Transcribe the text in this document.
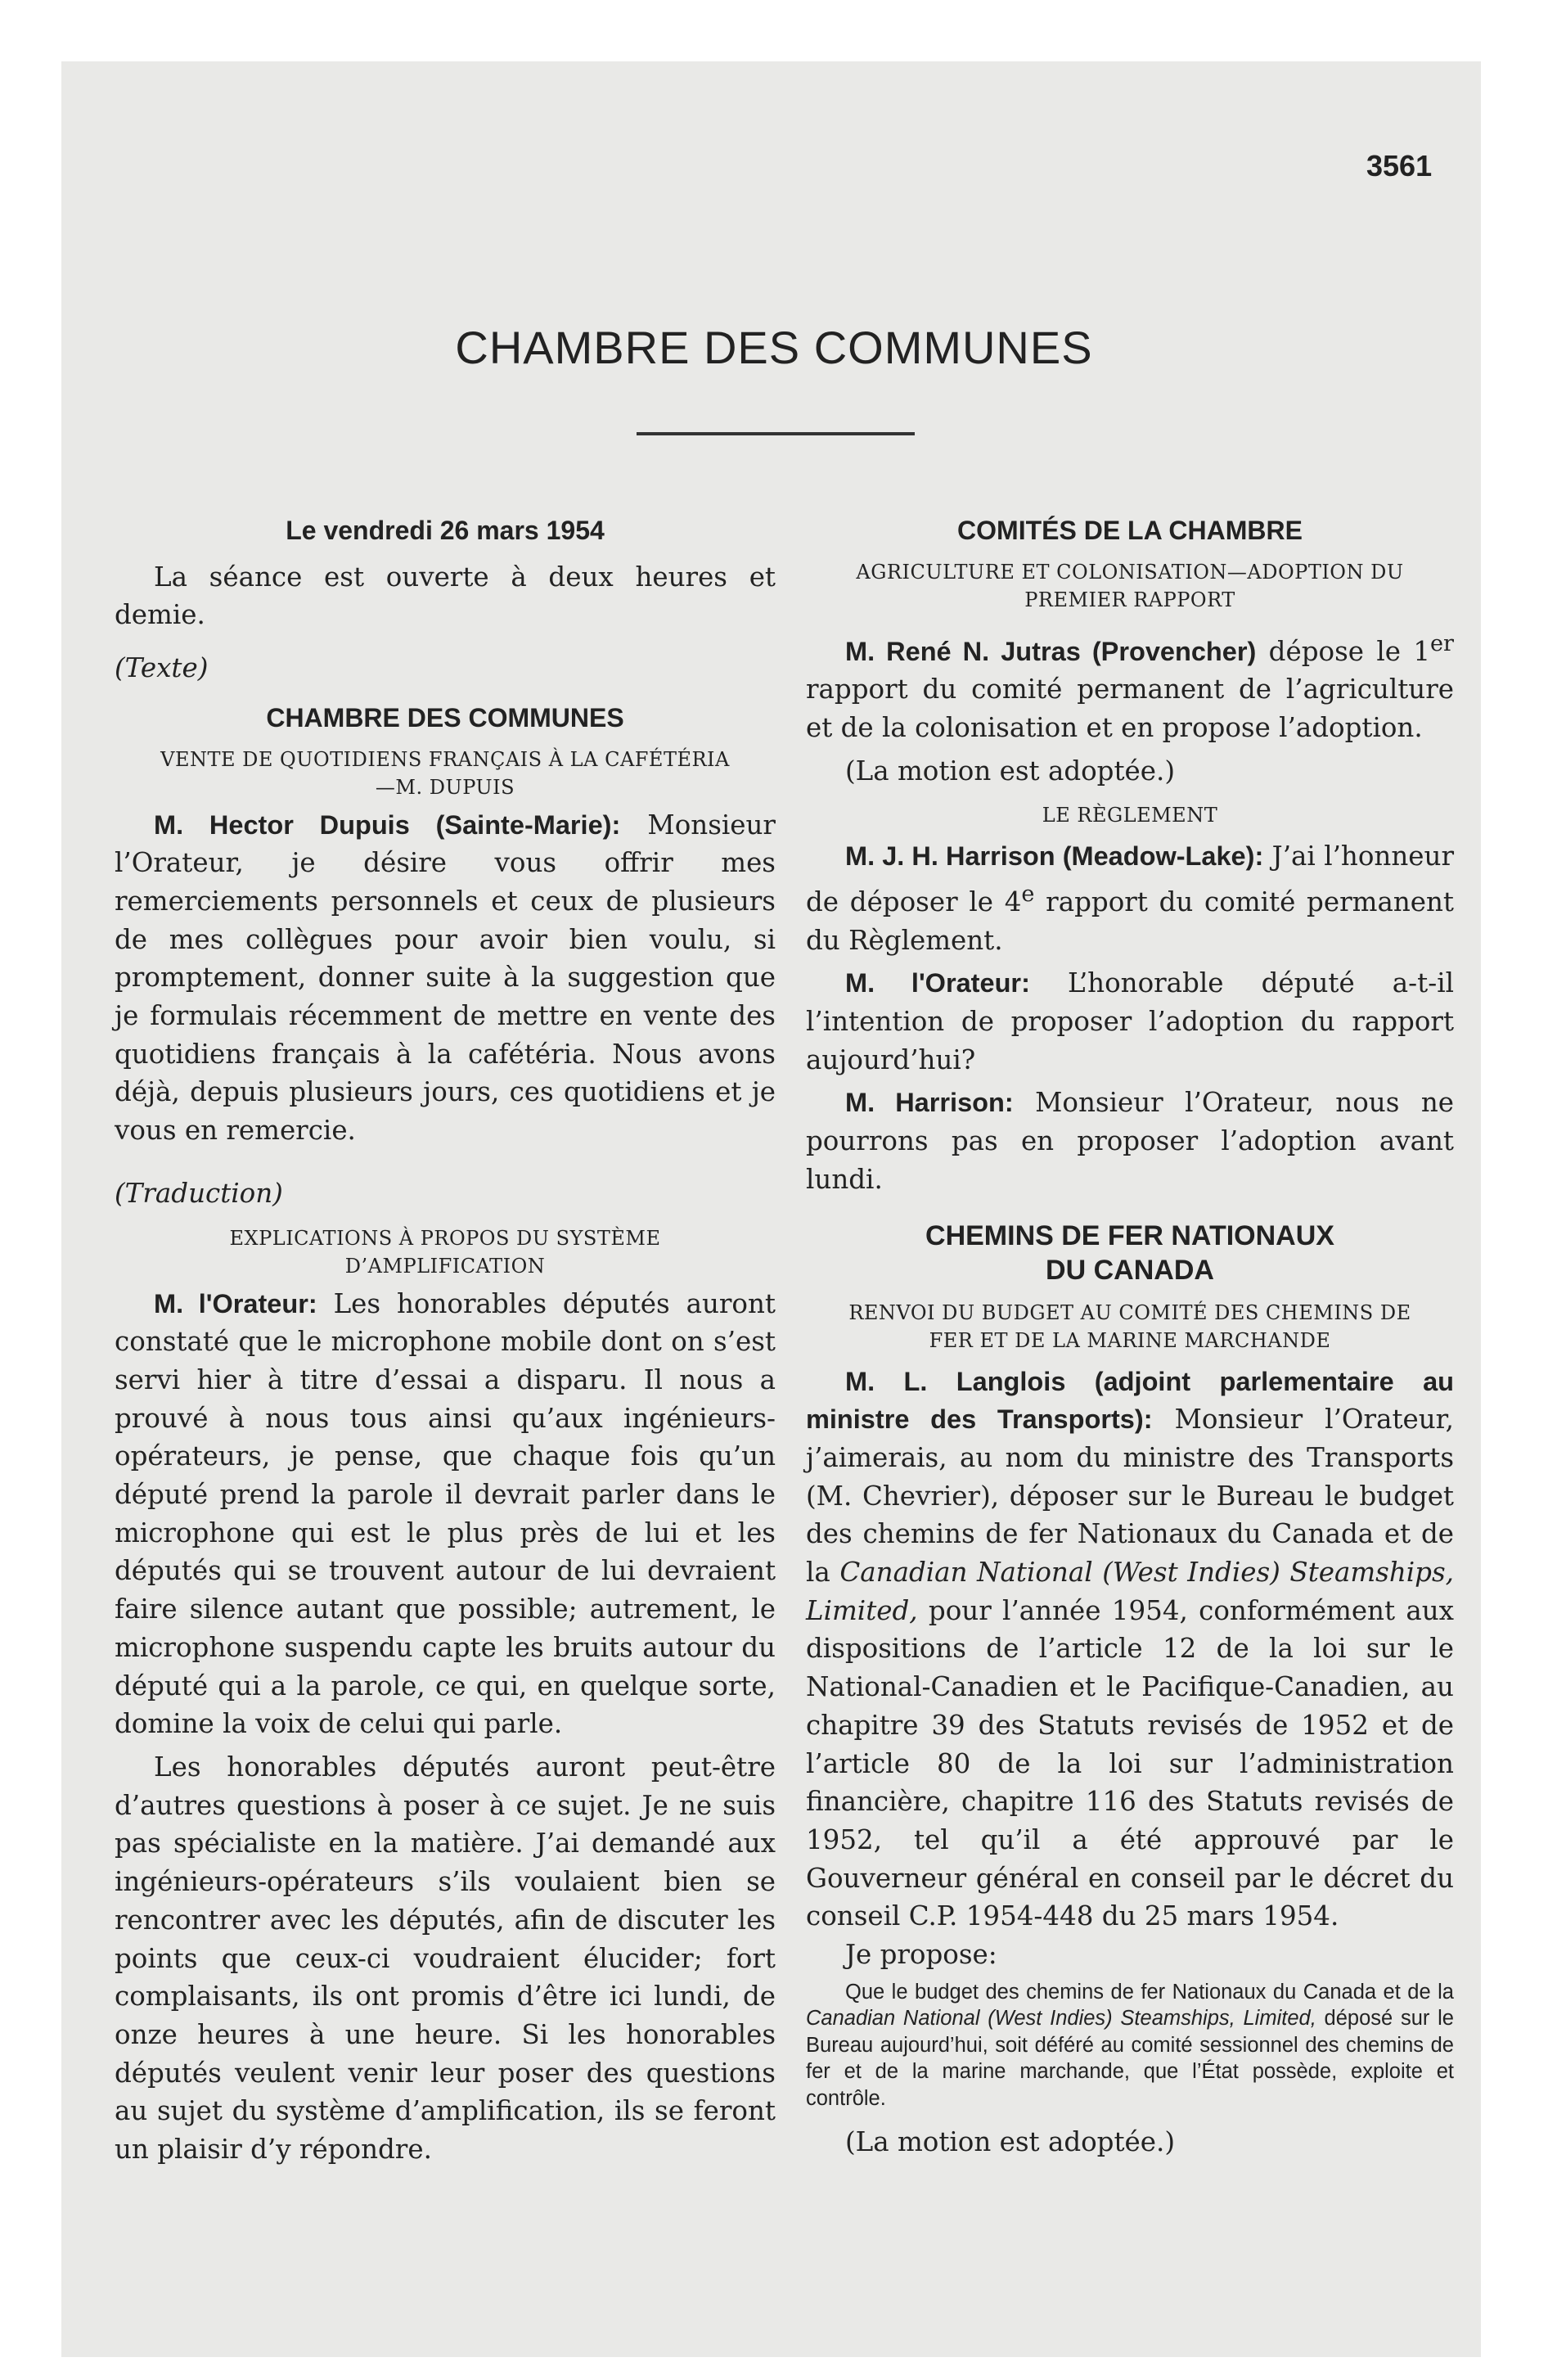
3561
CHAMBRE DES COMMUNES

Le vendredi 26 mars 1954

La séance est ouverte à deux heures et demie.

(Texte)

CHAMBRE DES COMMUNES

VENTE DE QUOTIDIENS FRANÇAIS À LA CAFÉTÉRIA

—M. DUPUIS

M. Hector Dupuis (Sainte-Marie): Monsieur l’Orateur, je désire vous offrir mes remerciements personnels et ceux de plusieurs de mes collègues pour avoir bien voulu, si promptement, donner suite à la suggestion que je formulais récemment de mettre en vente des quotidiens français à la cafétéria. Nous avons déjà, depuis plusieurs jours, ces quotidiens et je vous en remercie.

(Traduction)

EXPLICATIONS À PROPOS DU SYSTÈME

D’AMPLIFICATION

M. l'Orateur: Les honorables députés auront constaté que le microphone mobile dont on s’est servi hier à titre d’essai a disparu. Il nous a prouvé à nous tous ainsi qu’aux ingénieurs-opérateurs, je pense, que chaque fois qu’un député prend la parole il devrait parler dans le microphone qui est le plus près de lui et les députés qui se trouvent autour de lui devraient faire silence autant que possible; autrement, le microphone suspendu capte les bruits autour du député qui a la parole, ce qui, en quelque sorte, domine la voix de celui qui parle.

Les honorables députés auront peut-être d’autres questions à poser à ce sujet. Je ne suis pas spécialiste en la matière. J’ai demandé aux ingénieurs-opérateurs s’ils voulaient bien se rencontrer avec les députés, afin de discuter les points que ceux-ci voudraient élucider; fort complaisants, ils ont promis d’être ici lundi, de onze heures à une heure. Si les honorables députés veulent venir leur poser des questions au sujet du système d’amplification, ils se feront un plaisir d’y répondre.

COMITÉS DE LA CHAMBRE

AGRICULTURE ET COLONISATION—ADOPTION DU

PREMIER RAPPORT

M. René N. Jutras (Provencher) dépose le 1er rapport du comité permanent de l’agriculture et de la colonisation et en propose l’adoption.

(La motion est adoptée.)

LE RÈGLEMENT

M. J. H. Harrison (Meadow-Lake): J’ai l’honneur de déposer le 4e rapport du comité permanent du Règlement.

M. l'Orateur: L’honorable député a-t-il l’intention de proposer l’adoption du rapport aujourd’hui?

M. Harrison: Monsieur l’Orateur, nous ne pourrons pas en proposer l’adoption avant lundi.

CHEMINS DE FER NATIONAUX

DU CANADA

RENVOI DU BUDGET AU COMITÉ DES CHEMINS DE

FER ET DE LA MARINE MARCHANDE

M. L. Langlois (adjoint parlementaire au ministre des Transports): Monsieur l’Orateur, j’aimerais, au nom du ministre des Transports (M. Chevrier), déposer sur le Bureau le budget des chemins de fer Nationaux du Canada et de la Canadian National (West Indies) Steamships, Limited, pour l’année 1954, conformément aux dispositions de l’article 12 de la loi sur le National-Canadien et le Pacifique-Canadien, au chapitre 39 des Statuts revisés de 1952 et de l’article 80 de la loi sur l’administration financière, chapitre 116 des Statuts revisés de 1952, tel qu’il a été approuvé par le Gouverneur général en conseil par le décret du conseil C.P. 1954-448 du 25 mars 1954.

Je propose:

Que le budget des chemins de fer Nationaux du Canada et de la Canadian National (West Indies) Steamships, Limited, déposé sur le Bureau aujourd’hui, soit déféré au comité sessionnel des chemins de fer et de la marine marchande, que l’État possède, exploite et contrôle.

(La motion est adoptée.)
